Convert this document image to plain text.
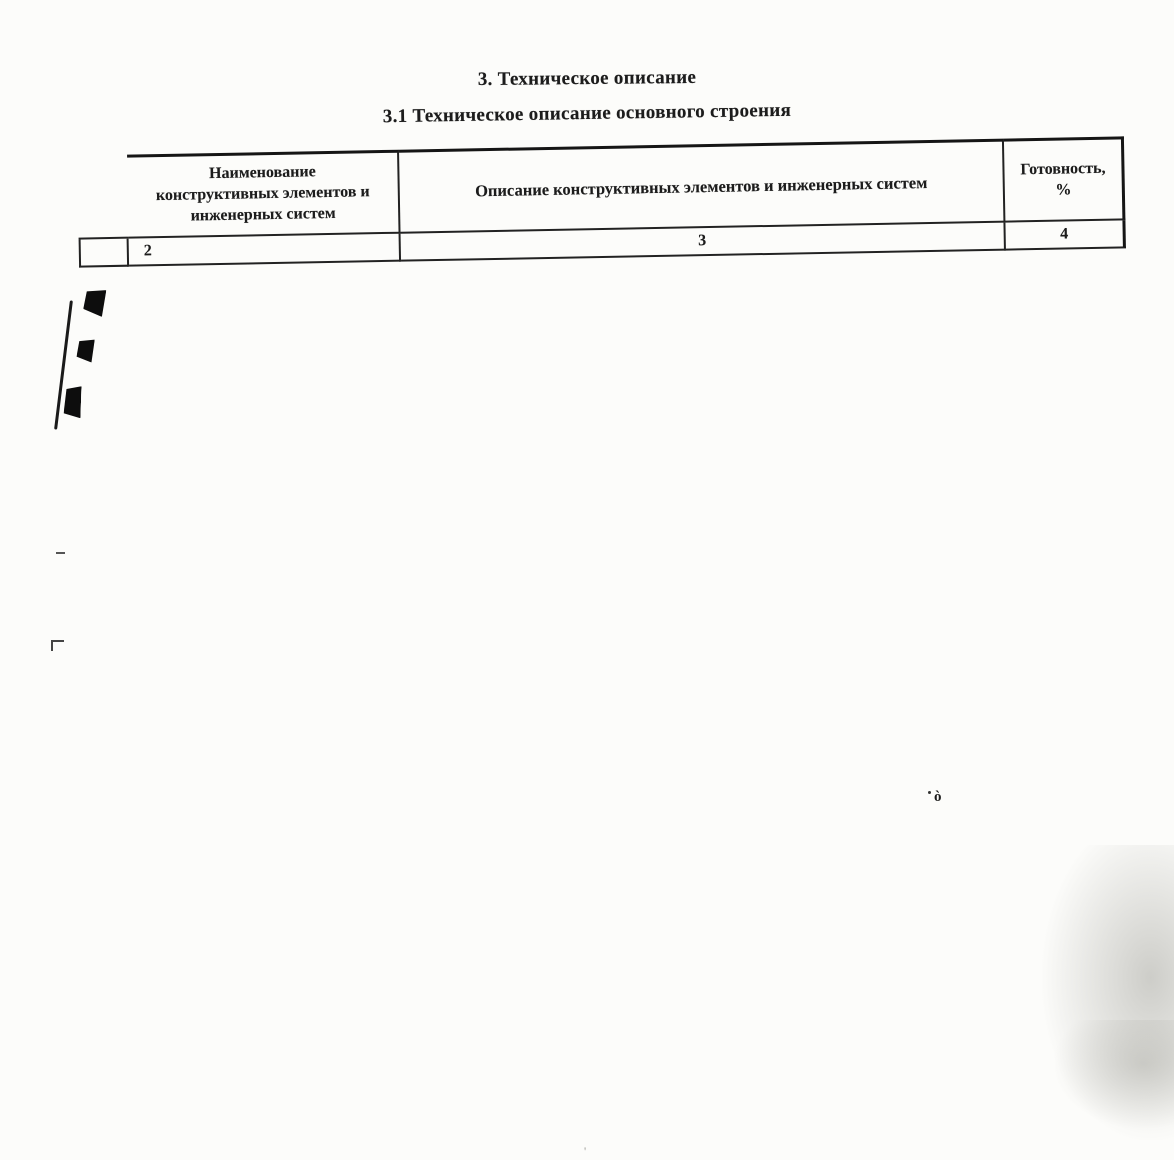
3. Техническое описание
3.1 Техническое описание основного строения
Наименование
конструктивных элементов и
инженерных систем
Описание конструктивных элементов и инженерных систем
Готовность,
%
2
3	4
ò
'
